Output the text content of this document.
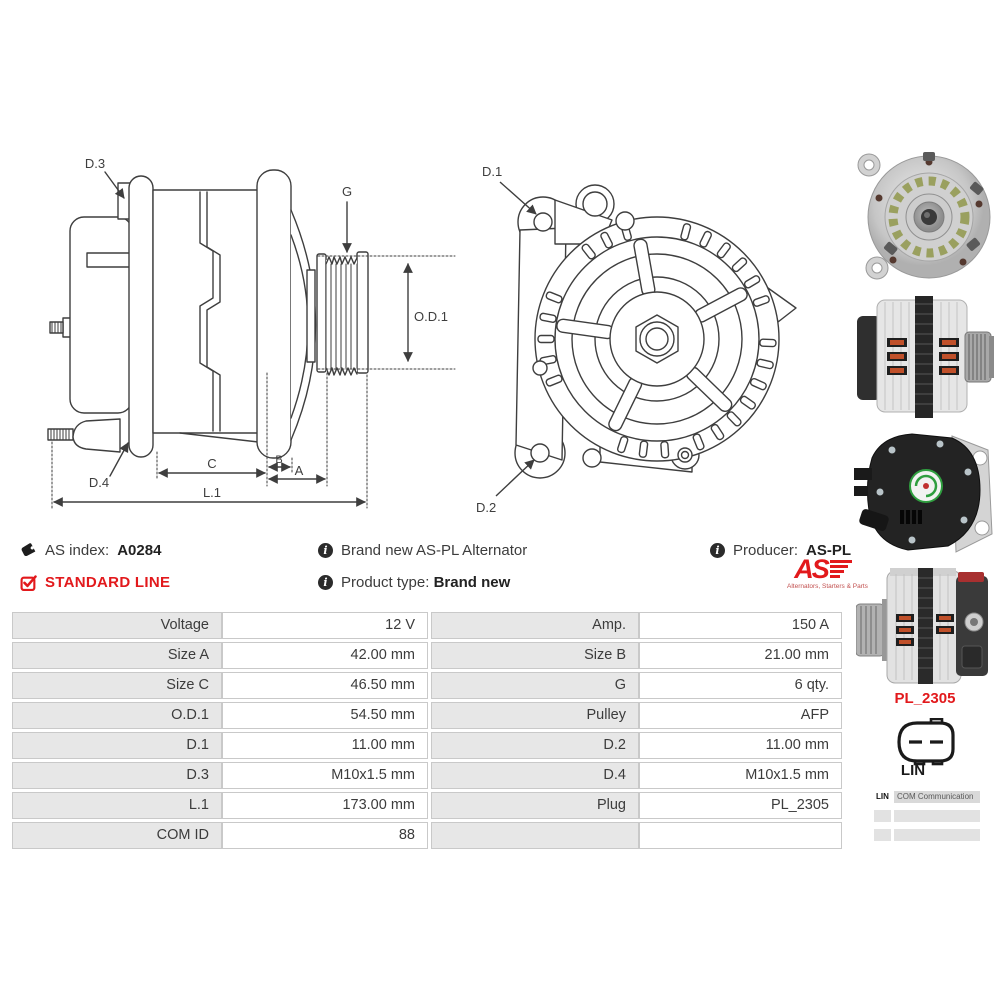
D.3
G
O.D.1
D.4
C	B
A
L.1
D.1
D.2
AS index: A0284
STANDARD LINE
i Brand new AS-PL Alternator
i Product type: Brand new
i Producer: AS-PL
AS
Alternators, Starters & Parts
Voltage	12 V	Amp.	150 A
Size A	42.00 mm	Size B	21.00 mm
Size C	46.50 mm	G	6 qty.
O.D.1	54.50 mm	Pulley	AFP
D.1	11.00 mm	D.2	11.00 mm
D.3	M10x1.5 mm	D.4	M10x1.5 mm
L.1	173.00 mm	Plug	PL_2305
COM ID	88
PL_2305
LIN
LIN	COM Communication
